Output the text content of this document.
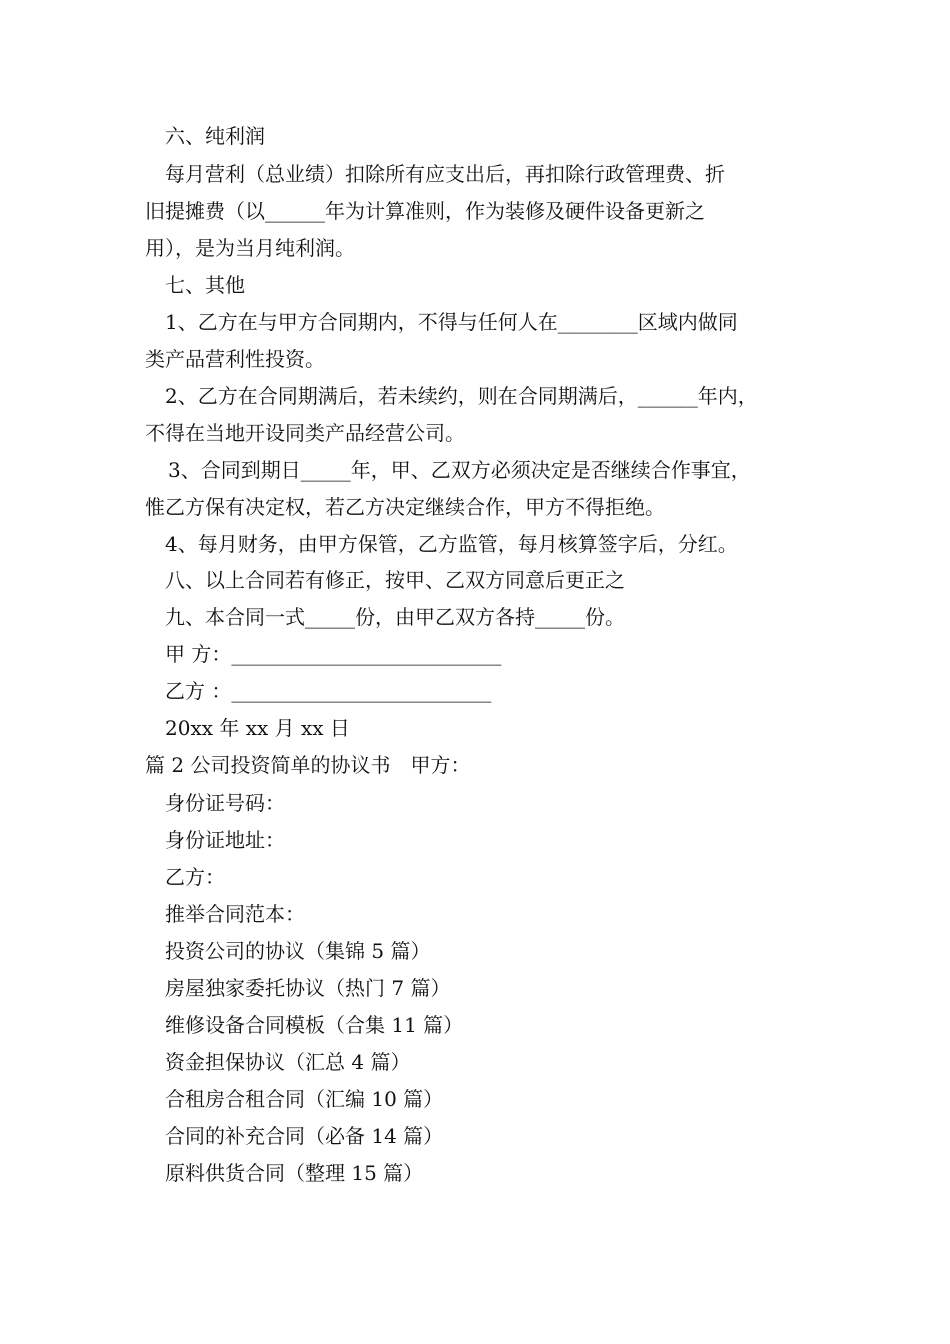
六、纯利润
每月营利（总业绩）扣除所有应支出后，再扣除行政管理费、折
旧提摊费（以______年为计算准则，作为装修及硬件设备更新之
用），是为当月纯利润。
七、其他
1、乙方在与甲方合同期内，不得与任何人在________区域内做同
类产品营利性投资。
2、乙方在合同期满后，若未续约，则在合同期满后，______年内，
不得在当地开设同类产品经营公司。
3、合同到期日_____年，甲、乙双方必须决定是否继续合作事宜，
惟乙方保有决定权，若乙方决定继续合作，甲方不得拒绝。
4、每月财务，由甲方保管，乙方监管，每月核算签字后，分红。
八、以上合同若有修正，按甲、乙双方同意后更正之
九、本合同一式_____份，由甲乙双方各持_____份。
甲 方：___________________________
乙方 ：__________________________
20xx 年 xx 月 xx 日
篇 2 公司投资简单的协议书　甲方：
身份证号码：
身份证地址：
乙方：
推举合同范本：
投资公司的协议（集锦 5 篇）
房屋独家委托协议（热门 7 篇）
维修设备合同模板（合集 11 篇）
资金担保协议（汇总 4 篇）
合租房合租合同（汇编 10 篇）
合同的补充合同（必备 14 篇）
原料供货合同（整理 15 篇）
